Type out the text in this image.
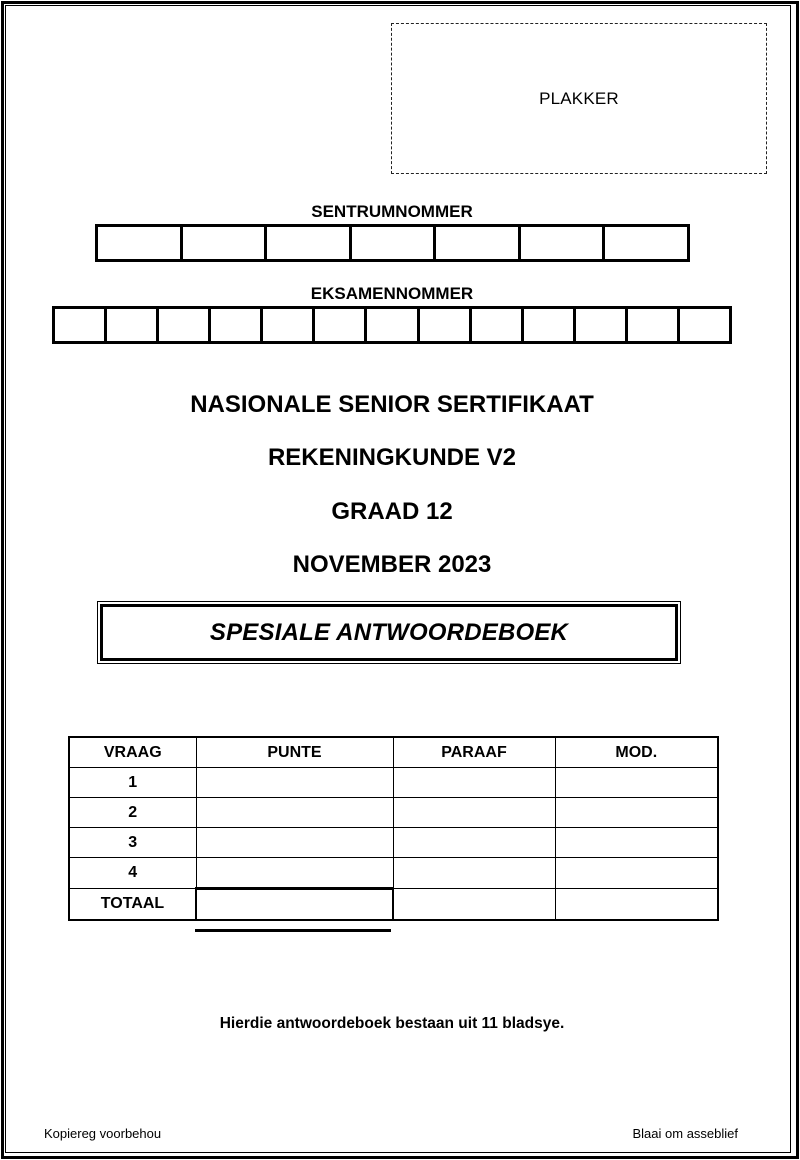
PLAKKER
SENTRUMNOMMER
EKSAMENNOMMER
NASIONALE SENIOR SERTIFIKAAT
REKENINGKUNDE V2
GRAAD 12
NOVEMBER 2023
SPESIALE ANTWOORDEBOEK
VRAAG	PUNTE	PARAAF	MOD.
1			
2			
3			
4			
TOTAAL			
Hierdie antwoordeboek bestaan uit 11 bladsye.
Kopiereg voorbehou	Blaai om asseblief
